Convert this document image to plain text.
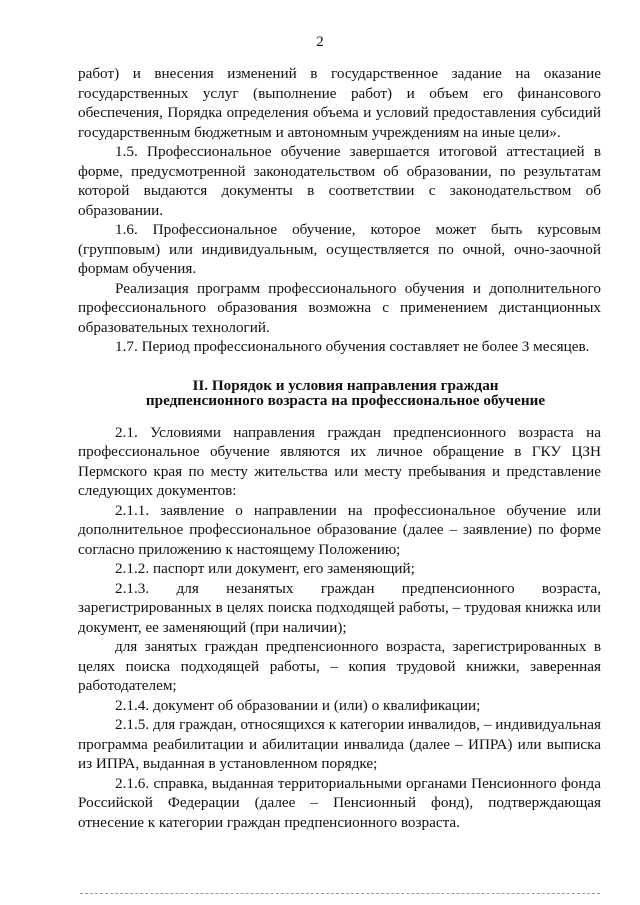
2

работ) и внесения изменений в государственное задание на оказание государственных услуг (выполнение работ) и объем его финансового обеспечения, Порядка определения объема и условий предоставления субсидий государственным бюджетным и автономным учреждениям на иные цели».

1.5. Профессиональное обучение завершается итоговой аттестацией в форме, предусмотренной законодательством об образовании, по результатам которой выдаются документы в соответствии с законодательством об образовании.

1.6. Профессиональное обучение, которое может быть курсовым (групповым) или индивидуальным, осуществляется по очной, очно-заочной формам обучения.

Реализация программ профессионального обучения и дополнительного профессионального образования возможна с применением дистанционных образовательных технологий.

1.7. Период профессионального обучения составляет не более 3 месяцев.

II. Порядок и условия направления граждан
предпенсионного возраста на профессиональное обучение

2.1. Условиями направления граждан предпенсионного возраста на профессиональное обучение являются их личное обращение в ГКУ ЦЗН Пермского края по месту жительства или месту пребывания и представление следующих документов:

2.1.1. заявление о направлении на профессиональное обучение или дополнительное профессиональное образование (далее – заявление) по форме согласно приложению к настоящему Положению;

2.1.2. паспорт или документ, его заменяющий;

2.1.3. для незанятых граждан предпенсионного возраста, зарегистрированных в целях поиска подходящей работы, – трудовая книжка или документ, ее заменяющий (при наличии);

для занятых граждан предпенсионного возраста, зарегистрированных в целях поиска подходящей работы, – копия трудовой книжки, заверенная работодателем;

2.1.4. документ об образовании и (или) о квалификации;

2.1.5. для граждан, относящихся к категории инвалидов, – индивидуальная программа реабилитации и абилитации инвалида (далее – ИПРА) или выписка из ИПРА, выданная в установленном порядке;

2.1.6. справка, выданная территориальными органами Пенсионного фонда Российской Федерации (далее – Пенсионный фонд), подтверждающая отнесение к категории граждан предпенсионного возраста.
